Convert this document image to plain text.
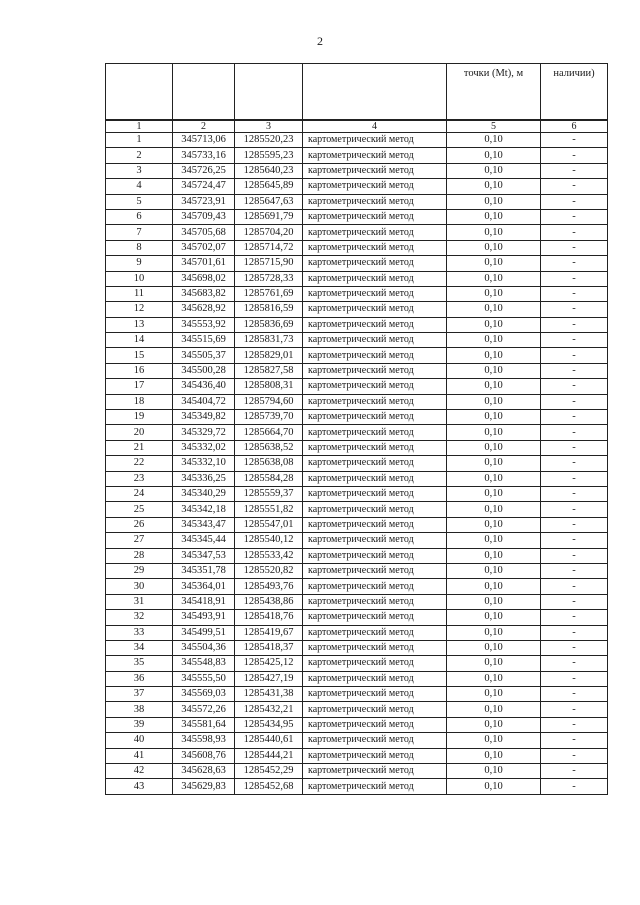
2
				точки (Mt), м	наличии)
1	2	3	4	5	6
1	345713,06	1285520,23	картометрический метод	0,10	-
2	345733,16	1285595,23	картометрический метод	0,10	-
3	345726,25	1285640,23	картометрический метод	0,10	-
4	345724,47	1285645,89	картометрический метод	0,10	-
5	345723,91	1285647,63	картометрический метод	0,10	-
6	345709,43	1285691,79	картометрический метод	0,10	-
7	345705,68	1285704,20	картометрический метод	0,10	-
8	345702,07	1285714,72	картометрический метод	0,10	-
9	345701,61	1285715,90	картометрический метод	0,10	-
10	345698,02	1285728,33	картометрический метод	0,10	-
11	345683,82	1285761,69	картометрический метод	0,10	-
12	345628,92	1285816,59	картометрический метод	0,10	-
13	345553,92	1285836,69	картометрический метод	0,10	-
14	345515,69	1285831,73	картометрический метод	0,10	-
15	345505,37	1285829,01	картометрический метод	0,10	-
16	345500,28	1285827,58	картометрический метод	0,10	-
17	345436,40	1285808,31	картометрический метод	0,10	-
18	345404,72	1285794,60	картометрический метод	0,10	-
19	345349,82	1285739,70	картометрический метод	0,10	-
20	345329,72	1285664,70	картометрический метод	0,10	-
21	345332,02	1285638,52	картометрический метод	0,10	-
22	345332,10	1285638,08	картометрический метод	0,10	-
23	345336,25	1285584,28	картометрический метод	0,10	-
24	345340,29	1285559,37	картометрический метод	0,10	-
25	345342,18	1285551,82	картометрический метод	0,10	-
26	345343,47	1285547,01	картометрический метод	0,10	-
27	345345,44	1285540,12	картометрический метод	0,10	-
28	345347,53	1285533,42	картометрический метод	0,10	-
29	345351,78	1285520,82	картометрический метод	0,10	-
30	345364,01	1285493,76	картометрический метод	0,10	-
31	345418,91	1285438,86	картометрический метод	0,10	-
32	345493,91	1285418,76	картометрический метод	0,10	-
33	345499,51	1285419,67	картометрический метод	0,10	-
34	345504,36	1285418,37	картометрический метод	0,10	-
35	345548,83	1285425,12	картометрический метод	0,10	-
36	345555,50	1285427,19	картометрический метод	0,10	-
37	345569,03	1285431,38	картометрический метод	0,10	-
38	345572,26	1285432,21	картометрический метод	0,10	-
39	345581,64	1285434,95	картометрический метод	0,10	-
40	345598,93	1285440,61	картометрический метод	0,10	-
41	345608,76	1285444,21	картометрический метод	0,10	-
42	345628,63	1285452,29	картометрический метод	0,10	-
43	345629,83	1285452,68	картометрический метод	0,10	-
